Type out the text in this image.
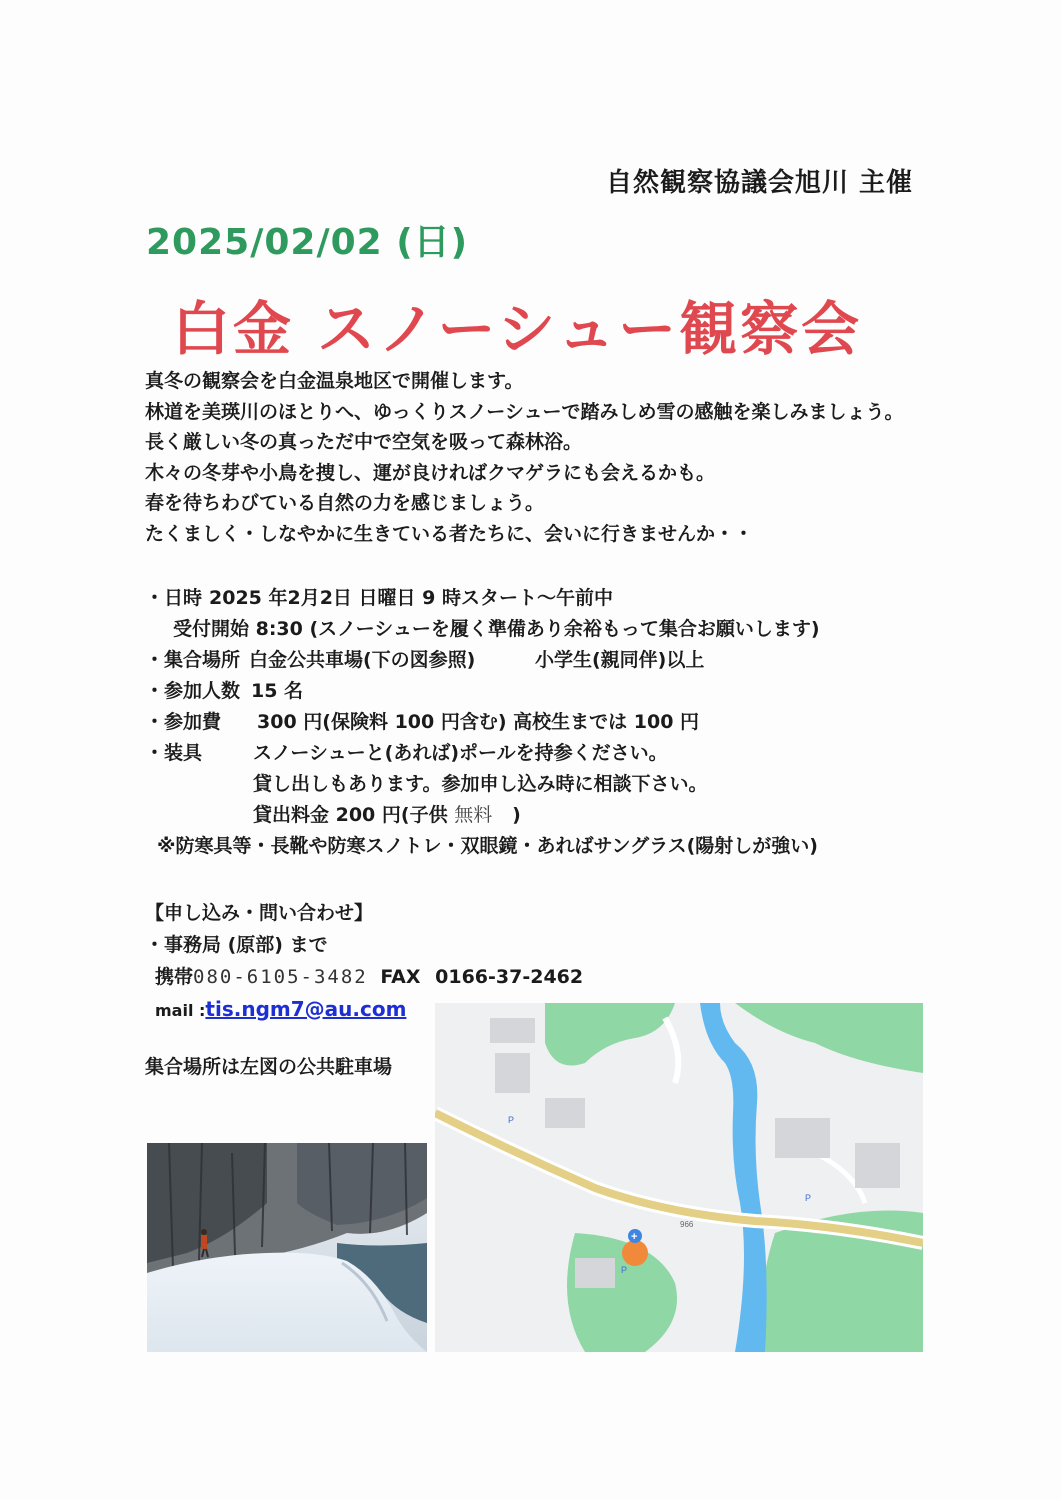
自然観察協議会旭川 主催
2025/02/02 (日)
白金 スノーシュー観察会
真冬の観察会を白金温泉地区で開催します。
林道を美瑛川のほとりへ、ゆっくりスノーシューで踏みしめ雪の感触を楽しみましょう。
長く厳しい冬の真っただ中で空気を吸って森林浴。
木々の冬芽や小鳥を捜し、運が良ければクマゲラにも会えるかも。
春を待ちわびている自然の力を感じましょう。
たくましく・しなやかに生きている者たちに、会いに行きませんか・・
・日時 2025 年2月2日 日曜日 9 時スタート～午前中
受付開始 8:30 (スノーシューを履く準備あり余裕もって集合お願いします)
・集合場所 白金公共車場(下の図参照)	小学生(親同伴)以上
・参加人数 15 名
・参加費 300 円(保険料 100 円含む) 高校生までは 100 円
・装具	スノーシューと(あれば)ポールを持参ください。
貸し出しもあります。参加申し込み時に相談下さい。
貸出料金 200 円(子供 無料 )
※防寒具等・長靴や防寒スノトレ・双眼鏡・あればサングラス(陽射しが強い)
【申し込み・問い合わせ】
・事務局 (原部) まで
携帯080-6105-3482 FAX 0166-37-2462
mail :tis.ngm7@au.com
集合場所は左図の公共駐車場
966
P
P
P
+
